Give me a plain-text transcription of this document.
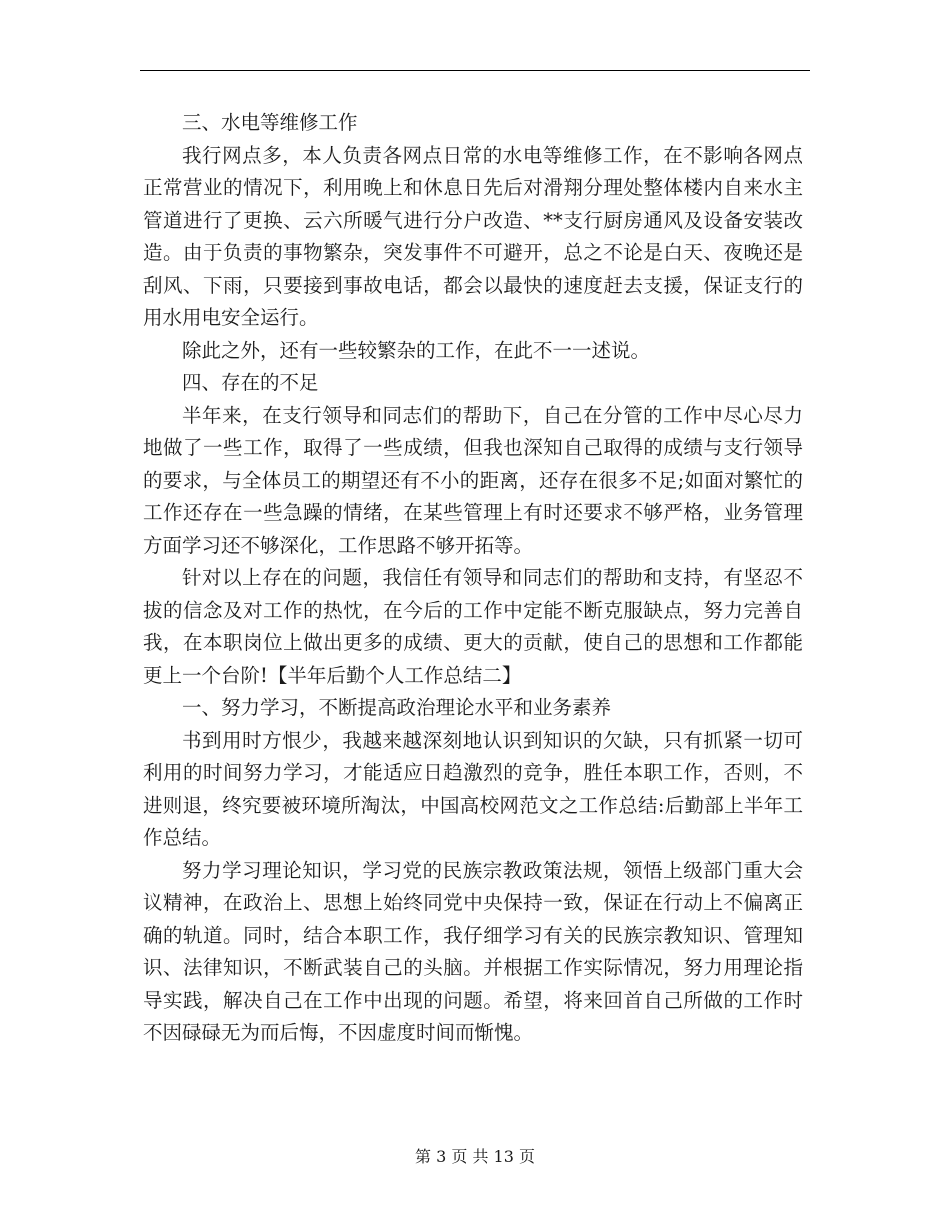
三、水电等维修工作

我行网点多，本人负责各网点日常的水电等维修工作，在不影响各网点正常营业的情况下，利用晚上和休息日先后对滑翔分理处整体楼内自来水主管道进行了更换、云六所暖气进行分户改造、**支行厨房通风及设备安装改造。由于负责的事物繁杂，突发事件不可避开，总之不论是白天、夜晚还是刮风、下雨，只要接到事故电话，都会以最快的速度赶去支援，保证支行的用水用电安全运行。

除此之外，还有一些较繁杂的工作，在此不一一述说。

四、存在的不足

半年来，在支行领导和同志们的帮助下，自己在分管的工作中尽心尽力地做了一些工作，取得了一些成绩，但我也深知自己取得的成绩与支行领导的要求，与全体员工的期望还有不小的距离，还存在很多不足;如面对繁忙的工作还存在一些急躁的情绪，在某些管理上有时还要求不够严格，业务管理方面学习还不够深化，工作思路不够开拓等。

针对以上存在的问题，我信任有领导和同志们的帮助和支持，有坚忍不拔的信念及对工作的热忱，在今后的工作中定能不断克服缺点，努力完善自我，在本职岗位上做出更多的成绩、更大的贡献，使自己的思想和工作都能更上一个台阶!【半年后勤个人工作总结二】

一、努力学习，不断提高政治理论水平和业务素养

书到用时方恨少，我越来越深刻地认识到知识的欠缺，只有抓紧一切可利用的时间努力学习，才能适应日趋激烈的竞争，胜任本职工作，否则，不进则退，终究要被环境所淘汰，中国高校网范文之工作总结:后勤部上半年工作总结。

努力学习理论知识，学习党的民族宗教政策法规，领悟上级部门重大会议精神，在政治上、思想上始终同党中央保持一致，保证在行动上不偏离正确的轨道。同时，结合本职工作，我仔细学习有关的民族宗教知识、管理知识、法律知识，不断武装自己的头脑。并根据工作实际情况，努力用理论指导实践，解决自己在工作中出现的问题。希望，将来回首自己所做的工作时不因碌碌无为而后悔，不因虚度时间而惭愧。

第 3 页 共 13 页
